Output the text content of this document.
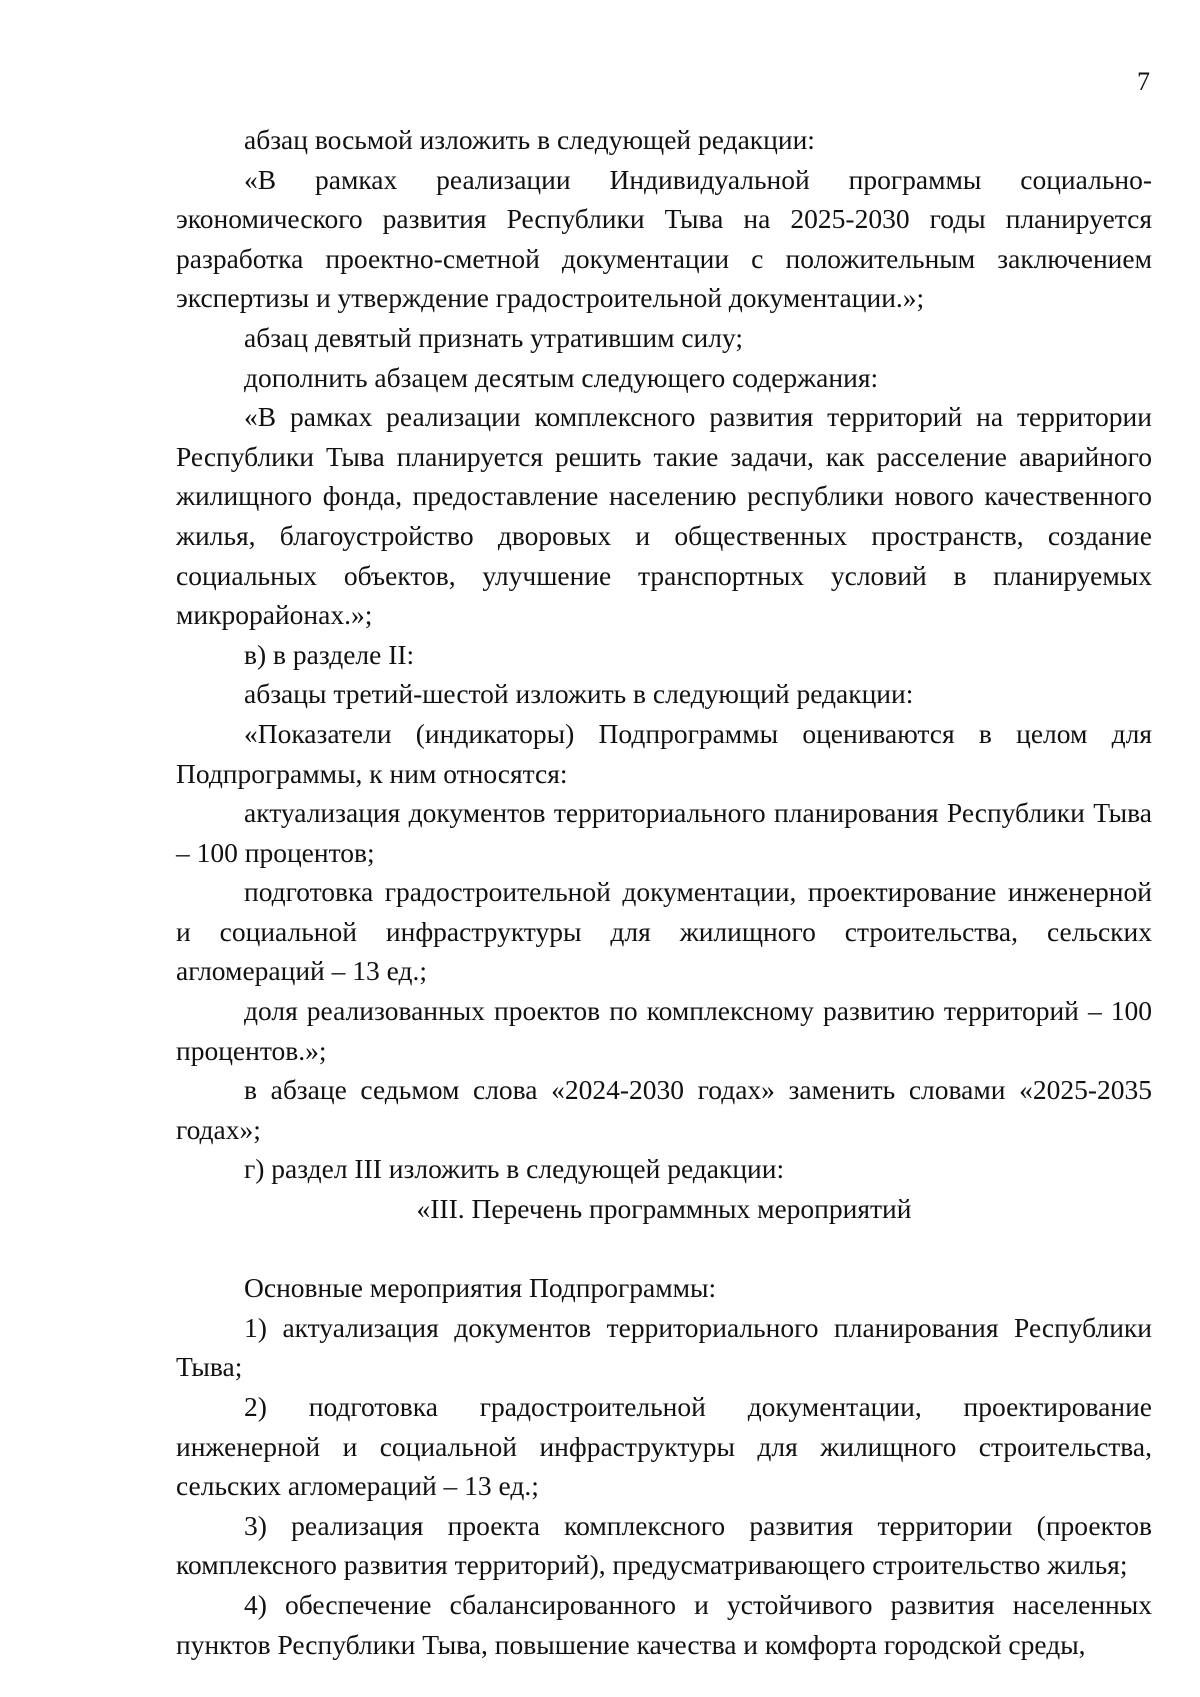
7

абзац восьмой изложить в следующей редакции:

«В рамках реализации Индивидуальной программы социально-экономического развития Республики Тыва на 2025-2030 годы планируется разработка проектно-сметной документации с положительным заключением экспертизы и утверждение градостроительной документации.»;

абзац девятый признать утратившим силу;

дополнить абзацем десятым следующего содержания:

«В рамках реализации комплексного развития территорий на территории Республики Тыва планируется решить такие задачи, как расселение аварийного жилищного фонда, предоставление населению республики нового качественного жилья, благоустройство дворовых и общественных пространств, создание социальных объектов, улучшение транспортных условий в планируемых микрорайонах.»;

в) в разделе II:

абзацы третий-шестой изложить в следующий редакции:

«Показатели (индикаторы) Подпрограммы оцениваются в целом для Подпрограммы, к ним относятся:

актуализация документов территориального планирования Республики Тыва – 100 процентов;

подготовка градостроительной документации, проектирование инженерной и социальной инфраструктуры для жилищного строительства, сельских агломераций – 13 ед.;

доля реализованных проектов по комплексному развитию территорий – 100 процентов.»;

в абзаце седьмом слова «2024-2030 годах» заменить словами «2025-2035 годах»;

г) раздел III изложить в следующей редакции:

«III. Перечень программных мероприятий

Основные мероприятия Подпрограммы:

1) актуализация документов территориального планирования Республики Тыва;

2) подготовка градостроительной документации, проектирование инженерной и социальной инфраструктуры для жилищного строительства, сельских агломераций – 13 ед.;

3) реализация проекта комплексного развития территории (проектов комплексного развития территорий), предусматривающего строительство жилья;

4) обеспечение сбалансированного и устойчивого развития населенных пунктов Республики Тыва, повышение качества и комфорта городской среды,
